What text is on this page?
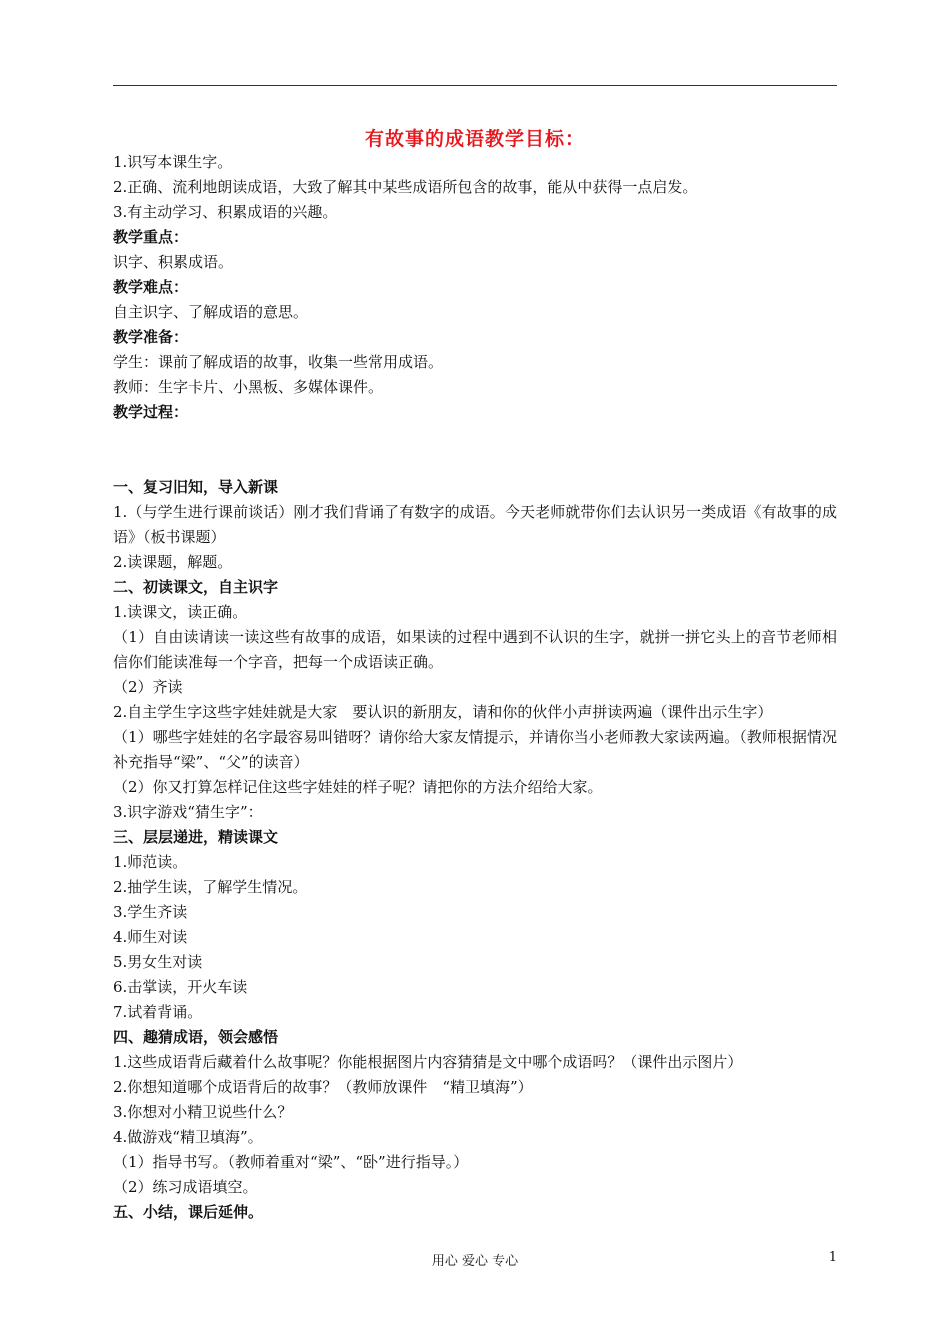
有故事的成语教学目标：
1.识写本课生字。
2.正确、流利地朗读成语，大致了解其中某些成语所包含的故事，能从中获得一点启发。
3.有主动学习、积累成语的兴趣。
教学重点：
识字、积累成语。
教学难点：
自主识字、了解成语的意思。
教学准备：
学生：课前了解成语的故事，收集一些常用成语。
教师：生字卡片、小黑板、多媒体课件。
教学过程：
一、复习旧知，导入新课
1.（与学生进行课前谈话）刚才我们背诵了有数字的成语。今天老师就带你们去认识另一类成语《有故事的成语》（板书课题）
2.读课题，解题。
二、初读课文，自主识字
1.读课文，读正确。
（1）自由读请读一读这些有故事的成语，如果读的过程中遇到不认识的生字，就拼一拼它头上的音节老师相信你们能读准每一个字音，把每一个成语读正确。
（2）齐读
2.自主学生字这些字娃娃就是大家　要认识的新朋友，请和你的伙伴小声拼读两遍（课件出示生字）
（1）哪些字娃娃的名字最容易叫错呀？请你给大家友情提示，并请你当小老师教大家读两遍。（教师根据情况补充指导“梁”、“父”的读音）
（2）你又打算怎样记住这些字娃娃的样子呢？请把你的方法介绍给大家。
3.识字游戏“猜生字”：
三、层层递进，精读课文
1.师范读。
2.抽学生读，了解学生情况。
3.学生齐读
4.师生对读
5.男女生对读
6.击掌读，开火车读
7.试着背诵。
四、趣猜成语，领会感悟
1.这些成语背后藏着什么故事呢？你能根据图片内容猜猜是文中哪个成语吗？（课件出示图片）
2.你想知道哪个成语背后的故事？（教师放课件　“精卫填海”）
3.你想对小精卫说些什么？
4.做游戏“精卫填海”。
（1）指导书写。（教师着重对“梁”、“卧”进行指导。）
（2）练习成语填空。
五、小结，课后延伸。
用心 爱心 专心	1
